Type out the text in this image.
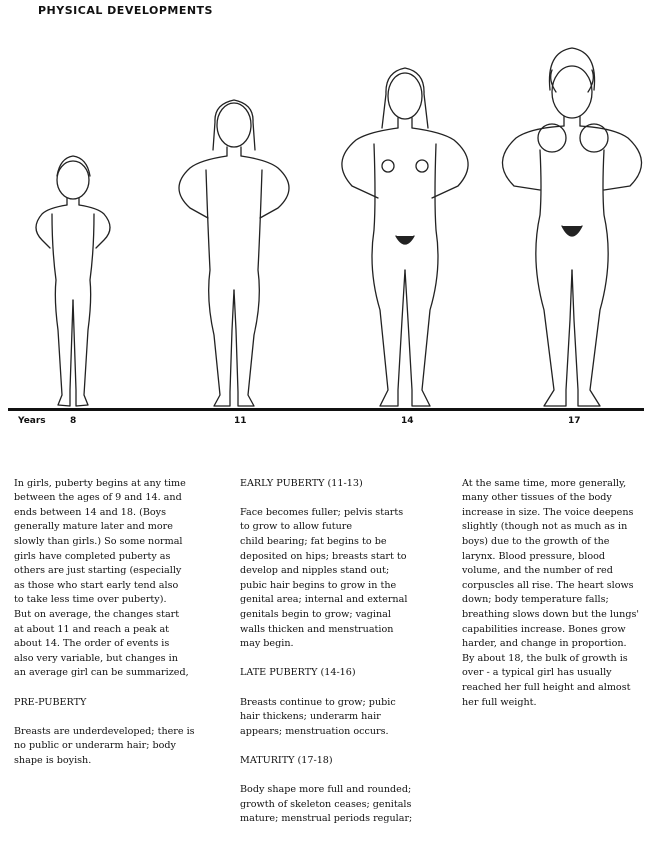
PHYSICAL DEVELOPMENTS
Years	8	11	14	17

In girls, puberty begins at any time
between the ages of 9 and 14. and
ends between 14 and 18. (Boys
generally mature later and more
slowly than girls.) So some normal
girls have completed puberty as
others are just starting (especially
as those who start early tend also
to take less time over puberty).
But on average, the changes start
at about 11 and reach a peak at
about 14. The order of events is
also very variable, but changes in
an average girl can be summarized,

PRE-PUBERTY

Breasts are underdeveloped; there is
no public or underarm hair; body
shape is boyish.

EARLY PUBERTY (11-13)

Face becomes fuller; pelvis starts
to grow to allow future
child bearing; fat begins to be
deposited on hips; breasts start to
develop and nipples stand out;
pubic hair begins to grow in the
genital area; internal and external
genitals begin to grow; vaginal
walls thicken and menstruation
may begin.

LATE PUBERTY (14-16)

Breasts continue to grow; pubic
hair thickens; underarm hair
appears; menstruation occurs.

MATURITY (17-18)

Body shape more full and rounded;
growth of skeleton ceases; genitals
mature; menstrual periods regular;

At the same time, more generally,
many other tissues of the body
increase in size. The voice deepens
slightly (though not as much as in
boys) due to the growth of the
larynx. Blood pressure, blood
volume, and the number of red
corpuscles all rise. The heart slows
down; body temperature falls;
breathing slows down but the lungs'
capabilities increase. Bones grow
harder, and change in proportion.
By about 18, the bulk of growth is
over - a typical girl has usually
reached her full height and almost
her full weight.
